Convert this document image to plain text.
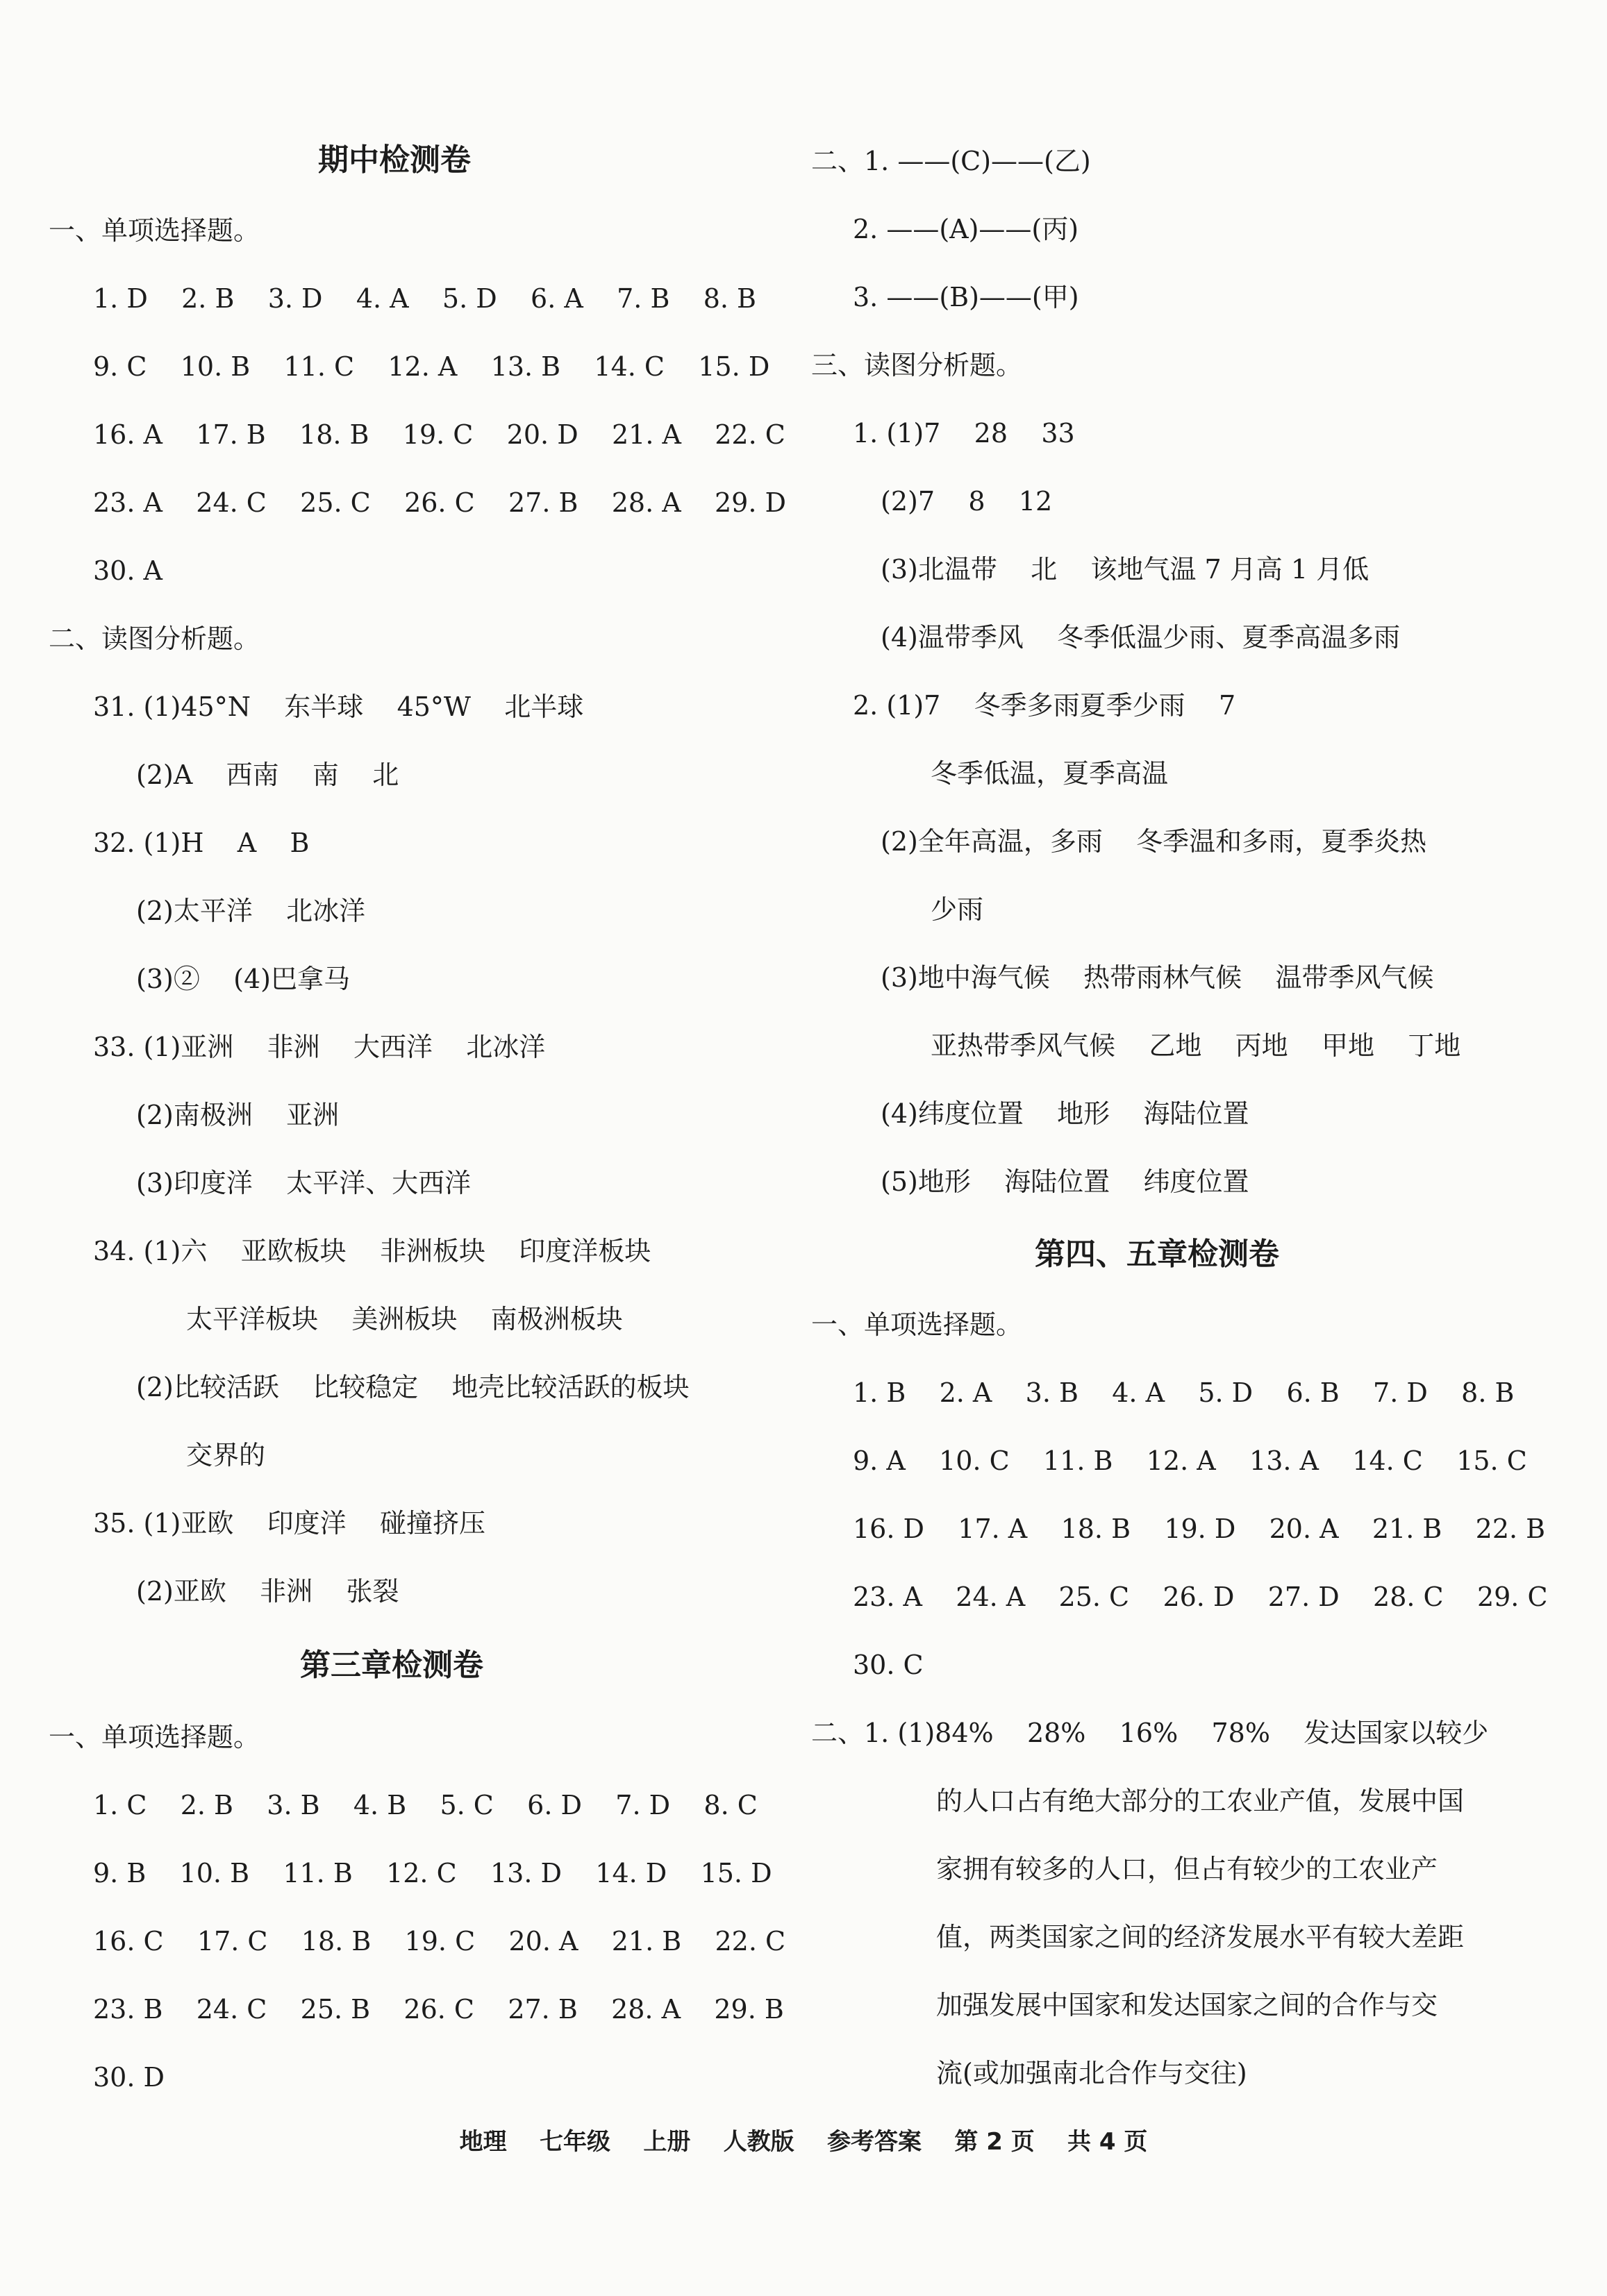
期中检测卷
一、单项选择题。
1. D    2. B    3. D    4. A    5. D    6. A    7. B    8. B
9. C    10. B    11. C    12. A    13. B    14. C    15. D
16. A    17. B    18. B    19. C    20. D    21. A    22. C
23. A    24. C    25. C    26. C    27. B    28. A    29. D
30. A
二、读图分析题。
31. (1)45°N    东半球    45°W    北半球
(2)A    西南    南    北
32. (1)H    A    B
(2)太平洋    北冰洋
(3)②    (4)巴拿马
33. (1)亚洲    非洲    大西洋    北冰洋
(2)南极洲    亚洲
(3)印度洋    太平洋、大西洋
34. (1)六    亚欧板块    非洲板块    印度洋板块
太平洋板块    美洲板块    南极洲板块
(2)比较活跃    比较稳定    地壳比较活跃的板块
交界的
35. (1)亚欧    印度洋    碰撞挤压
(2)亚欧    非洲    张裂
第三章检测卷
一、单项选择题。
1. C    2. B    3. B    4. B    5. C    6. D    7. D    8. C
9. B    10. B    11. B    12. C    13. D    14. D    15. D
16. C    17. C    18. B    19. C    20. A    21. B    22. C
23. B    24. C    25. B    26. C    27. B    28. A    29. B
30. D
二、1. ——(C)——(乙)
2. ——(A)——(丙)
3. ——(B)——(甲)
三、读图分析题。
1. (1)7    28    33
(2)7    8    12
(3)北温带    北    该地气温 7 月高 1 月低
(4)温带季风    冬季低温少雨、夏季高温多雨
2. (1)7    冬季多雨夏季少雨    7
冬季低温，夏季高温
(2)全年高温，多雨    冬季温和多雨，夏季炎热
少雨
(3)地中海气候    热带雨林气候    温带季风气候
亚热带季风气候    乙地    丙地    甲地    丁地
(4)纬度位置    地形    海陆位置
(5)地形    海陆位置    纬度位置
第四、五章检测卷
一、单项选择题。
1. B    2. A    3. B    4. A    5. D    6. B    7. D    8. B
9. A    10. C    11. B    12. A    13. A    14. C    15. C
16. D    17. A    18. B    19. D    20. A    21. B    22. B
23. A    24. A    25. C    26. D    27. D    28. C    29. C
30. C
二、1. (1)84%    28%    16%    78%    发达国家以较少
的人口占有绝大部分的工农业产值，发展中国
家拥有较多的人口，但占有较少的工农业产
值，两类国家之间的经济发展水平有较大差距
加强发展中国家和发达国家之间的合作与交
流(或加强南北合作与交往)
地理    七年级    上册    人教版    参考答案    第 2 页    共 4 页
